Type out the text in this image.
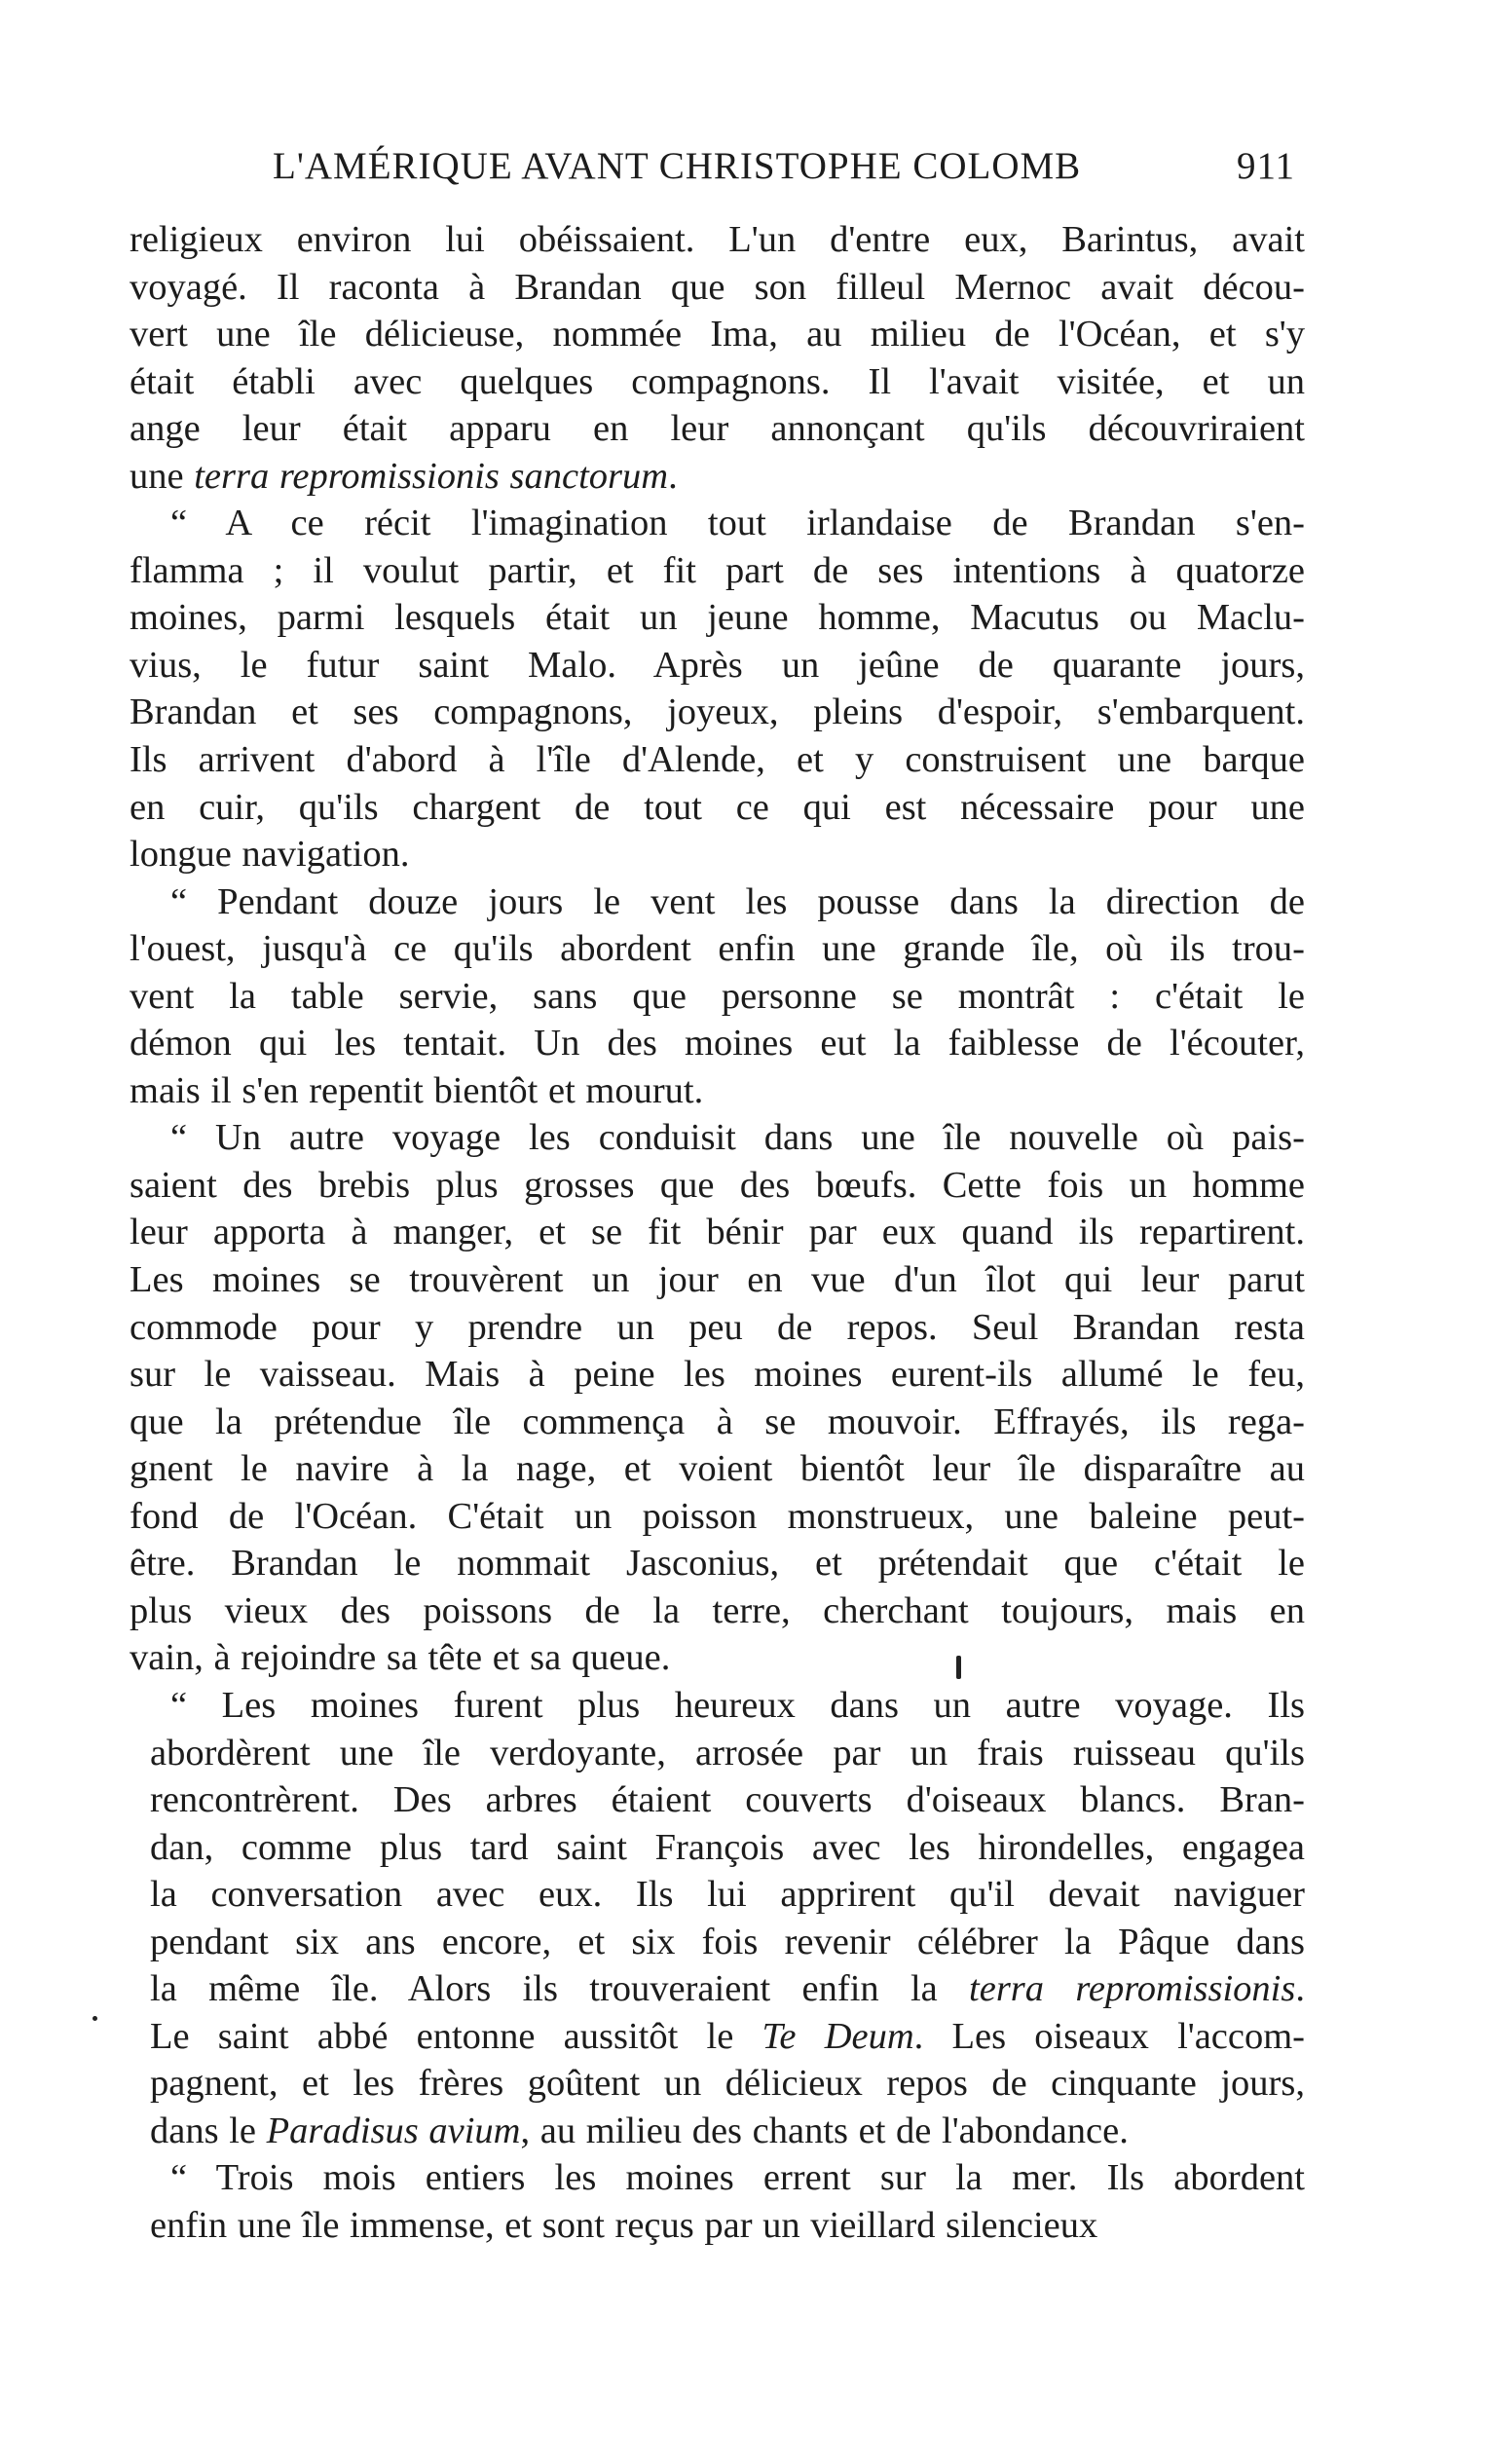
L'AMÉRIQUE AVANT CHRISTOPHE COLOMB	911
religieux environ lui obéissaient. L'un d'entre eux, Barintus, avait
voyagé. Il raconta à Brandan que son filleul Mernoc avait décou-
vert une île délicieuse, nommée Ima, au milieu de l'Océan, et s'y
était établi avec quelques compagnons. Il l'avait visitée, et un
ange leur était apparu en leur annonçant qu'ils découvriraient
une terra repromissionis sanctorum.
“ A ce récit l'imagination tout irlandaise de Brandan s'en-
flamma ; il voulut partir, et fit part de ses intentions à quatorze
moines, parmi lesquels était un jeune homme, Macutus ou Maclu-
vius, le futur saint Malo. Après un jeûne de quarante jours,
Brandan et ses compagnons, joyeux, pleins d'espoir, s'embarquent.
Ils arrivent d'abord à l'île d'Alende, et y construisent une barque
en cuir, qu'ils chargent de tout ce qui est nécessaire pour une
longue navigation.
“ Pendant douze jours le vent les pousse dans la direction de
l'ouest, jusqu'à ce qu'ils abordent enfin une grande île, où ils trou-
vent la table servie, sans que personne se montrât : c'était le
démon qui les tentait. Un des moines eut la faiblesse de l'écouter,
mais il s'en repentit bientôt et mourut.
“ Un autre voyage les conduisit dans une île nouvelle où pais-
saient des brebis plus grosses que des bœufs. Cette fois un homme
leur apporta à manger, et se fit bénir par eux quand ils repartirent.
Les moines se trouvèrent un jour en vue d'un îlot qui leur parut
commode pour y prendre un peu de repos. Seul Brandan resta
sur le vaisseau. Mais à peine les moines eurent-ils allumé le feu,
que la prétendue île commença à se mouvoir. Effrayés, ils rega-
gnent le navire à la nage, et voient bientôt leur île disparaître au
fond de l'Océan. C'était un poisson monstrueux, une baleine peut-
être. Brandan le nommait Jasconius, et prétendait que c'était le
plus vieux des poissons de la terre, cherchant toujours, mais en
vain, à rejoindre sa tête et sa queue.
“ Les moines furent plus heureux dans un autre voyage. Ils
abordèrent une île verdoyante, arrosée par un frais ruisseau qu'ils
rencontrèrent. Des arbres étaient couverts d'oiseaux blancs. Bran-
dan, comme plus tard saint François avec les hirondelles, engagea
la conversation avec eux. Ils lui apprirent qu'il devait naviguer
pendant six ans encore, et six fois revenir célébrer la Pâque dans
la même île. Alors ils trouveraient enfin la terra repromissionis.
Le saint abbé entonne aussitôt le Te Deum. Les oiseaux l'accom-
pagnent, et les frères goûtent un délicieux repos de cinquante jours,
dans le Paradisus avium, au milieu des chants et de l'abondance.
“ Trois mois entiers les moines errent sur la mer. Ils abordent
enfin une île immense, et sont reçus par un vieillard silencieux
